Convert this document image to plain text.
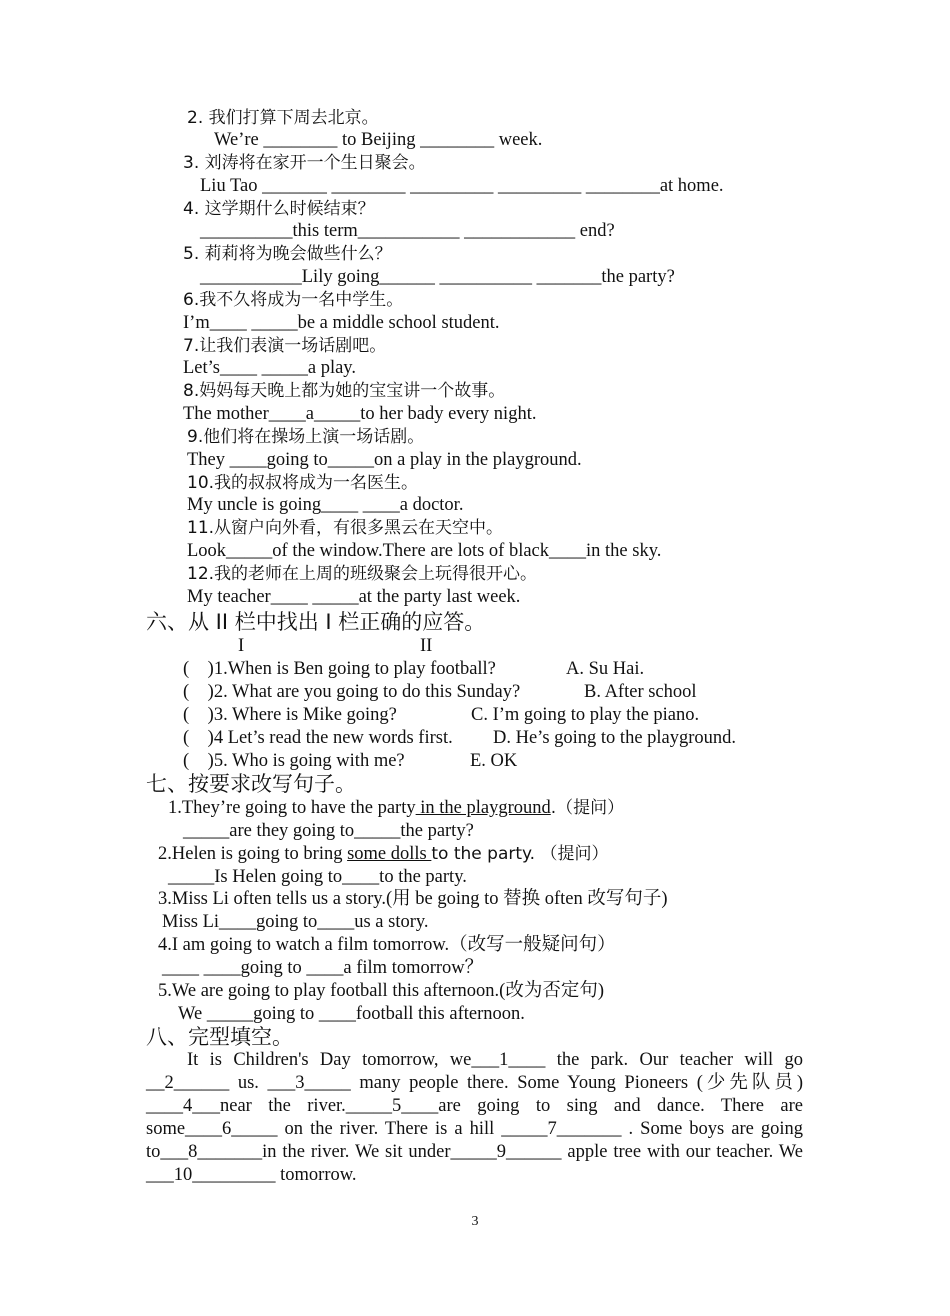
2. 我们打算下周去北京。
We’re ________ to Beijing ________ week.
3. 刘涛将在家开一个生日聚会。
Liu Tao _______ ________ _________ _________ ________at home.
4. 这学期什么时候结束？
__________this term___________ ____________ end?
5. 莉莉将为晚会做些什么？
___________Lily going______ __________ _______the party?
6.我不久将成为一名中学生。
I’m____ _____be a middle school student.
7.让我们表演一场话剧吧。
Let’s____ _____a play.
8.妈妈每天晚上都为她的宝宝讲一个故事。
The mother____a_____to her bady every night.
9.他们将在操场上演一场话剧。
They ____going to_____on a play in the playground.
10.我的叔叔将成为一名医生。
My uncle is going____ ____a doctor.
11.从窗户向外看，有很多黑云在天空中。
Look_____of the window.There are lots of black____in the sky.
12.我的老师在上周的班级聚会上玩得很开心。
My teacher____ _____at the party last week.
六、从 II 栏中找出 I 栏正确的应答。
I	II
(    )1.When is Ben going to play football?	A. Su Hai.
(    )2. What are you going to do this Sunday?	B. After school
(    )3. Where is Mike going?	C. I’m going to play the piano.
(    )4 Let’s read the new words first. D. He’s going to the playground.
(    )5. Who is going with me?	E. OK
七、按要求改写句子。
1.They’re going to have the party in the playground.（提问）
_____are they going to_____the party?
2.Helen is going to bring some dolls to the party. （提问）
_____Is Helen going to____to the party.
3.Miss Li often tells us a story.(用 be going to 替换 often 改写句子)
Miss Li____going to____us a story.
4.I am going to watch a film tomorrow.（改写一般疑问句）
____ ____going to ____a film tomorrow？
5.We are going to play football this afternoon.(改为否定句)
We _____going to ____football this afternoon.
八、完型填空。
It is Children's Day tomorrow, we___1____ the park. Our teacher will go __2______ us. ___3_____ many people there. Some Young Pioneers (少先队员) ____4___near the river._____5____are going to sing and dance. There are some____6_____ on the river. There is a hill _____7_______ . Some boys are going to___8_______in the river. We sit under_____9______ apple tree with our teacher. We ___10_________ tomorrow.
3
